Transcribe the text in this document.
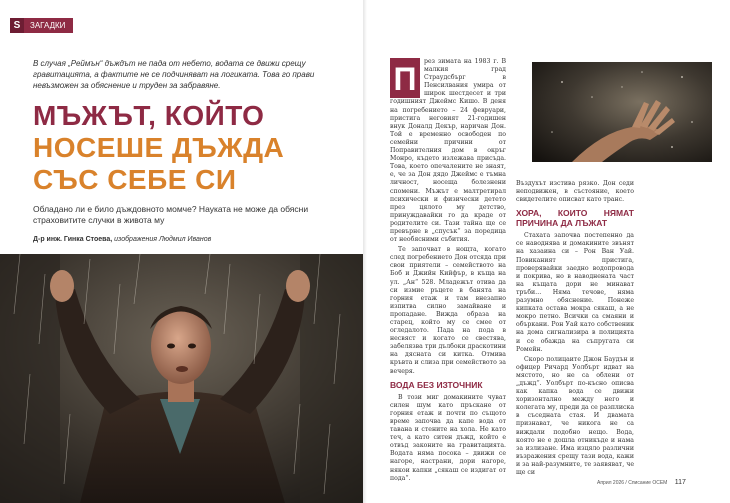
S	ЗАГАДКИ
В случая „Реймън“ дъждът не пада от небето, водата се движи срещу гравитацията, а фактите не се подчиняват на логиката. Това го прави невъзможен за обяснение и труден за забравяне.
МЪЖЪТ, КОЙТО
НОСЕШЕ ДЪЖДА
СЪС СЕБЕ СИ
Обладано ли е било дъждовното момче? Науката не може да обясни страховитите случки в живота му
Д-р инж. Гинка Стоева, изображения Людмил Иванов
П	рез зимата на 1983 г. В малкия град Страудсбърг в Пенсилвания умира от широк шестдесет и три годишният Джеймс Кишо. В деня на погребението – 24 февруари, пристига неговият 21-годишен внук Доналд Декър, наричан Дон. Той е временно освободен по семейни причини от Поправителния дом в окръг Монро, където излежава присъда. Това, което опечалените не знаят, е, че за Дон дядо Джеймс е тъмна личност, носеща болезнени спомени. Мъжът е малтретирал психически и физически детето през цялото му детство, принуждавайки го да краде от родителите си. Тази тайна ще се превърне в „спусък“ за поредица от необясними събития.

Те започват в нощта, когато след погребението Дон отсяда при свои приятели – семейството на Боб и Джийн Кийфър, в къща на ул. „Ан“ 528. Младежът отива да си измие ръцете в банята на горния етаж и там внезапно изпитва силно замайване и пропадане. Вижда образа на старец, който му се смее от огледалото. Пада на пода в несвяст и когато се свестява, забелязва три дълбоки драскотини на дясната си китка. Отмива кръвта и слиза при семейството за вечеря.

ВОДА БЕЗ ИЗТОЧНИК

В този миг домакините чуват силен шум като пръскане от горния етаж и почти по същото време започва да капе вода от тавана и стените на хола. Не като теч, а като ситен дъжд, който е отвъд законите на гравитацията. Водата няма посока – движи се нагоре, настрани, дори нагоре, някои капки „сякаш се издигат от пода“.

Въздухът изстива рязко. Дон седи неподвижен, в състояние, което свидетелите описват като транс.

ХОРА, КОИТО НЯМАТ ПРИЧИНА ДА ЛЪЖАТ

Стахата започва постепенно да се наводнява и домакините звънят на хазаина си – Рон Ван Уай. Повиканият пристига, проверявайки заедно водопровода и покрива, но в наводнената част на къщата дори не минават тръби… Няма течове, няма разумно обяснение. Понеже кипката остава мокра сякаш, а не мокро петно. Всички са смаяни и объркани. Рон Уай като собственик на дома сигнализира в полицията и се обажда на съпругата си Ромейн.

Скоро полицаите Джон Баудън и офицер Ричард Уолбърт идват на мястото, но не са облени от „дъжд“. Уолбърт по-късно описва как капка вода се движи хоризонтално между него и колегата му, преди да се разплиска в съседната стая. И двамата признават, че никога не са виждали подобно нещо. Вода, която не е дошла отникъде и нама за излизане. Има изцяло различни възражения срещу тази вода, кажи и за най-разумните, те заявяват, че ще си

Април 2026 / Списание ОСЕМ 117
